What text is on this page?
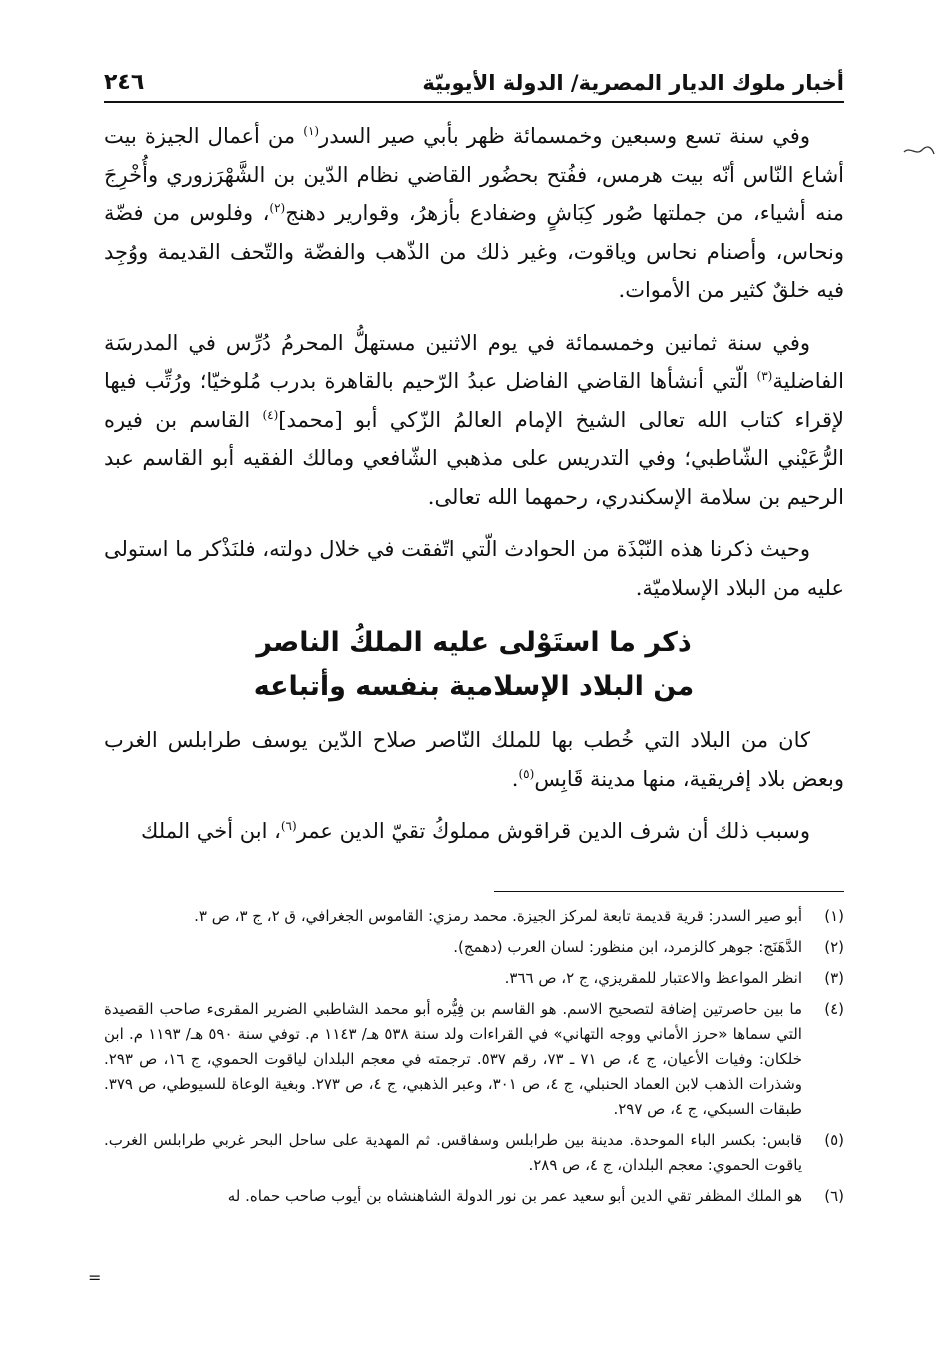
أخبار ملوك الديار المصرية/ الدولة الأيوبيّة
٢٤٦

وفي سنة تسع وسبعين وخمسمائة ظهر بأبي صير السدر$^{(١)}$ من أعمال الجيزة بيت أشاع النّاس أنّه بيت هرمس، ففُتح بحضُور القاضي نظام الدّين بن الشَّهْرَزوري وأُخْرِجَ منه أشياء، من جملتها صُور كِبَاشٍ وضفادع بأزهرُ، وقوارير دهنج$^{(٢)}$، وفلوس من فضّة ونحاس، وأصنام نحاس وياقوت، وغير ذلك من الذّهب والفضّة والتّحف القديمة ووُجِد فيه خلقٌ كثير من الأموات.

وفي سنة ثمانين وخمسمائة في يوم الاثنين مستهلُّ المحرمُ دُرِّس في المدرسَة الفاضلية$^{(٣)}$ الّتي أنشأها القاضي الفاضل عبدُ الرّحيم بالقاهرة بدرب مُلوخيّا؛ ورُتِّب فيها لإقراء كتاب الله تعالى الشيخ الإمام العالمُ الزّكي أبو [محمد]$^{(٤)}$ القاسم بن فيره الرُّعَيْني الشّاطبي؛ وفي التدريس على مذهبي الشّافعي ومالك الفقيه أبو القاسم عبد الرحيم بن سلامة الإسكندري، رحمهما الله تعالى.

وحيث ذكرنا هذه النّبْذَة من الحوادث الّتي اتّفقت في خلال دولته، فلنَذْكر ما استولى عليه من البلاد الإسلاميّة.

ذكر ما استَوْلى عليه الملكُ الناصر
من البلاد الإسلامية بنفسه وأتباعه

كان من البلاد التي خُطب بها للملك النّاصر صلاح الدّين يوسف طرابلس الغرب وبعض بلاد إفريقية، منها مدينة قَابِس$^{(٥)}$.

وسبب ذلك أن شرف الدين قراقوش مملوكُ تقيّ الدين عمر$^{(٦)}$، ابن أخي الملك

(١)
أبو صير السدر: قرية قديمة تابعة لمركز الجيزة. محمد رمزي: القاموس الجغرافي، ق ٢، ج ٣، ص ٣.
(٢)
الدَّهَنَج: جوهر كالزمرد، ابن منظور: لسان العرب (دهمج).
(٣)
انظر المواعظ والاعتبار للمقريزي، ج ٢، ص ٣٦٦.
(٤)
ما بين حاصرتين إضافة لتصحيح الاسم. هو القاسم بن فِيُّره أبو محمد الشاطبي الضرير المقرىء صاحب القصيدة التي سماها «حرز الأماني ووجه التهاني» في القراءات ولد سنة ٥٣٨ هـ/ ١١٤٣ م. توفي سنة ٥٩٠ هـ/ ١١٩٣ م. ابن خلكان: وفيات الأعيان، ج ٤، ص ٧١ ـ ٧٣، رقم ٥٣٧. ترجمته في معجم البلدان لياقوت الحموي، ج ١٦، ص ٢٩٣. وشذرات الذهب لابن العماد الحنبلي، ج ٤، ص ٣٠١، وعبر الذهبي، ج ٤، ص ٢٧٣. وبغية الوعاة للسيوطي، ص ٣٧٩. طبقات السبكي، ج ٤، ص ٢٩٧.
(٥)
قابس: بكسر الباء الموحدة. مدينة بين طرابلس وسفاقس. ثم المهدية على ساحل البحر غربي طرابلس الغرب. ياقوت الحموي: معجم البلدان، ج ٤، ص ٢٨٩.
(٦)
هو الملك المظفر تقي الدين أبو سعيد عمر بن نور الدولة الشاهنشاه بن أيوب صاحب حماه. له
=
